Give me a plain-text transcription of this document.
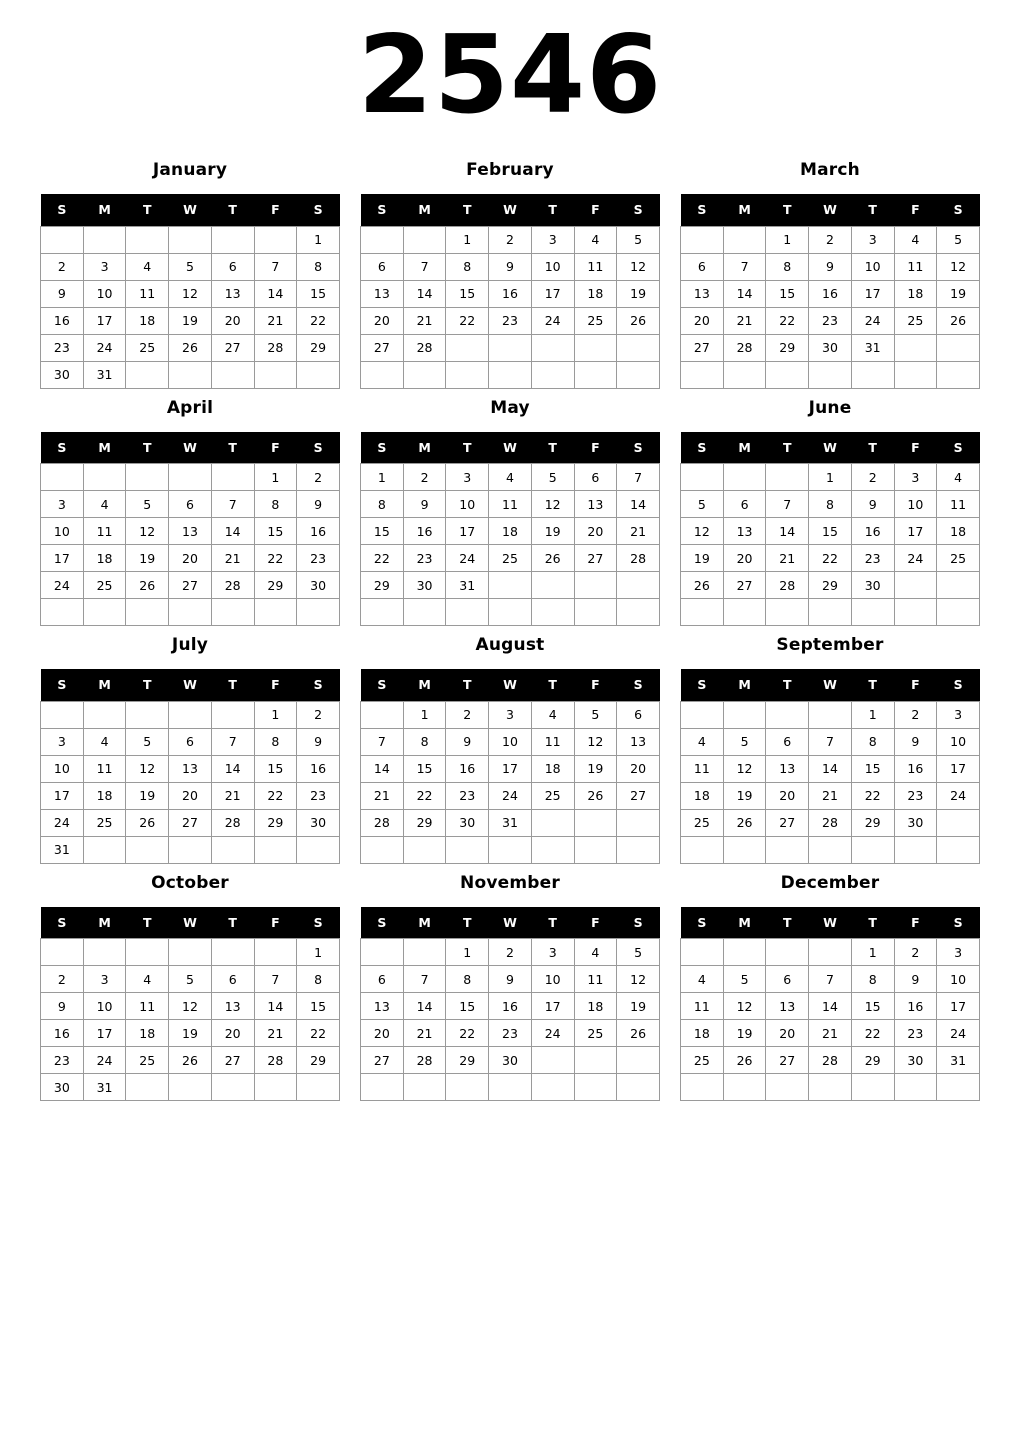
2546
January
S	M	T	W	T	F	S
						1
2	3	4	5	6	7	8
9	10	11	12	13	14	15
16	17	18	19	20	21	22
23	24	25	26	27	28	29
30	31					
February
S	M	T	W	T	F	S
		1	2	3	4	5
6	7	8	9	10	11	12
13	14	15	16	17	18	19
20	21	22	23	24	25	26
27	28					

March
S	M	T	W	T	F	S
		1	2	3	4	5
6	7	8	9	10	11	12
13	14	15	16	17	18	19
20	21	22	23	24	25	26
27	28	29	30	31		

April
S	M	T	W	T	F	S
					1	2
3	4	5	6	7	8	9
10	11	12	13	14	15	16
17	18	19	20	21	22	23
24	25	26	27	28	29	30

May
S	M	T	W	T	F	S
1	2	3	4	5	6	7
8	9	10	11	12	13	14
15	16	17	18	19	20	21
22	23	24	25	26	27	28
29	30	31				

June
S	M	T	W	T	F	S
			1	2	3	4
5	6	7	8	9	10	11
12	13	14	15	16	17	18
19	20	21	22	23	24	25
26	27	28	29	30		

July
S	M	T	W	T	F	S
					1	2
3	4	5	6	7	8	9
10	11	12	13	14	15	16
17	18	19	20	21	22	23
24	25	26	27	28	29	30
31						
August
S	M	T	W	T	F	S
	1	2	3	4	5	6
7	8	9	10	11	12	13
14	15	16	17	18	19	20
21	22	23	24	25	26	27
28	29	30	31			

September
S	M	T	W	T	F	S
				1	2	3
4	5	6	7	8	9	10
11	12	13	14	15	16	17
18	19	20	21	22	23	24
25	26	27	28	29	30	

October
S	M	T	W	T	F	S
						1
2	3	4	5	6	7	8
9	10	11	12	13	14	15
16	17	18	19	20	21	22
23	24	25	26	27	28	29
30	31					
November
S	M	T	W	T	F	S
		1	2	3	4	5
6	7	8	9	10	11	12
13	14	15	16	17	18	19
20	21	22	23	24	25	26
27	28	29	30			

December
S	M	T	W	T	F	S
				1	2	3
4	5	6	7	8	9	10
11	12	13	14	15	16	17
18	19	20	21	22	23	24
25	26	27	28	29	30	31
